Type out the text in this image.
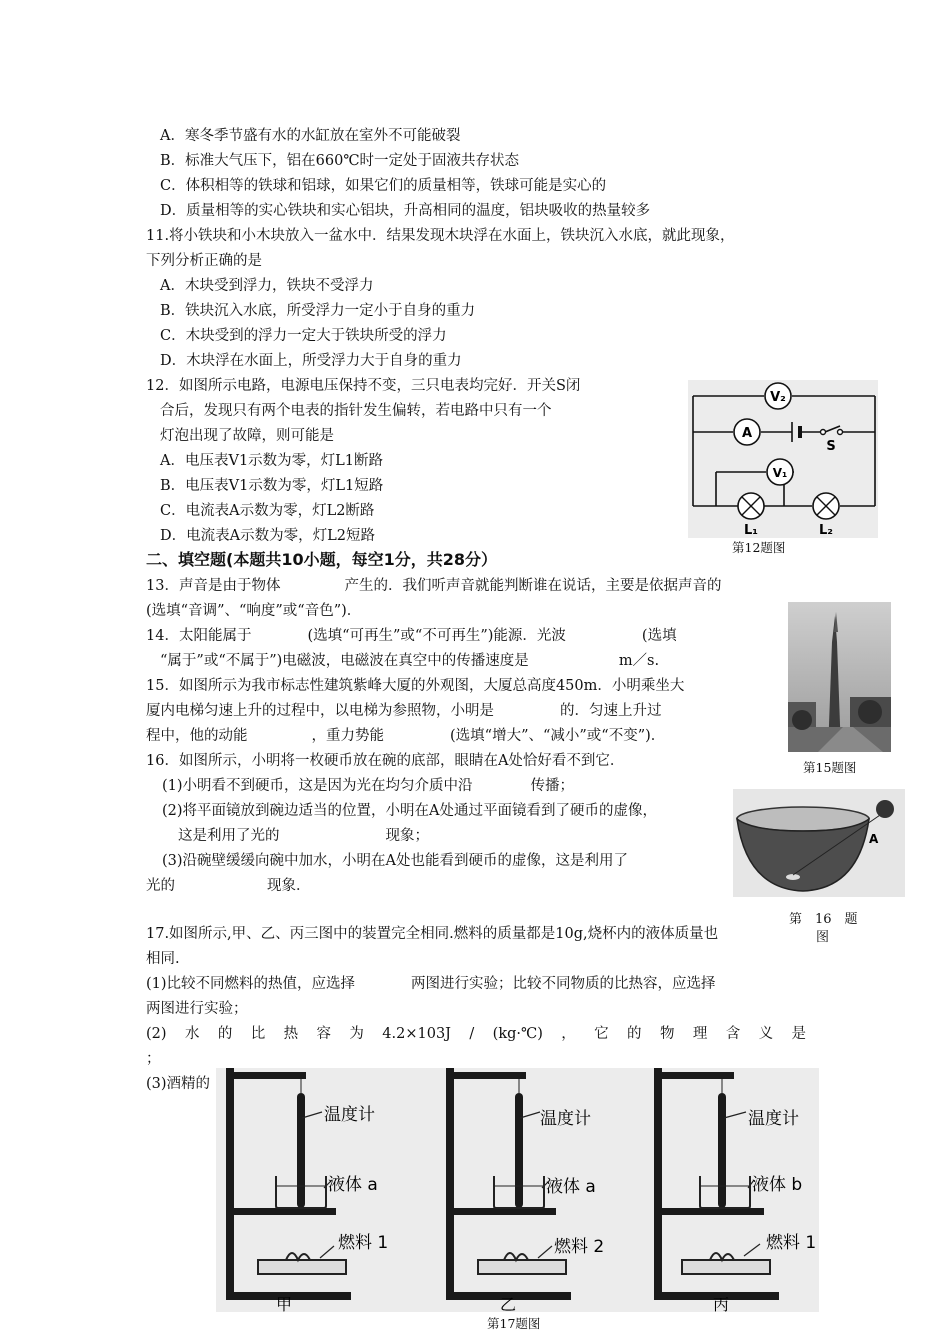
A．寒冬季节盛有水的水缸放在室外不可能破裂
B．标准大气压下，铝在660℃时一定处于固液共存状态
C．体积相等的铁球和铝球，如果它们的质量相等，铁球可能是实心的
D．质量相等的实心铁块和实心铝块，升高相同的温度，铝块吸收的热量较多
11.将小铁块和小木块放入一盆水中．结果发现木块浮在水面上，铁块沉入水底，就此现象，
下列分析正确的是
A．木块受到浮力，铁块不受浮力
B．铁块沉入水底，所受浮力一定小于自身的重力
C．木块受到的浮力一定大于铁块所受的浮力
D．木块浮在水面上，所受浮力大于自身的重力
12．如图所示电路，电源电压保持不变，三只电表均完好．开关S闭
合后，发现只有两个电表的指针发生偏转，若电路中只有一个
灯泡出现了故障，则可能是
A．电压表V1示数为零，灯L1断路
B．电压表V1示数为零，灯L1短路
C．电流表A示数为零，灯L2断路
D．电流表A示数为零，灯L2短路
V₂
A
S
V₁
L₁	L₂
第12题图
二、填空题(本题共10小题，每空1分，共28分）
13．声音是由于物体	产生的．我们听声音就能判断谁在说话，主要是依据声音的
(选填“音调”、“响度”或“音色”)．
14．太阳能属于	(选填“可再生”或“不可再生”)能源．光波	(选填
“属于”或“不属于”)电磁波，电磁波在真空中的传播速度是	m／s.
15．如图所示为我市标志性建筑紫峰大厦的外观图，大厦总高度450m．小明乘坐大
厦内电梯匀速上升的过程中，以电梯为参照物，小明是	的．匀速上升过
程中，他的动能	，重力势能	(选填“增大”、“减小”或“不变”)．
第15题图
16．如图所示，小明将一枚硬币放在碗的底部，眼睛在A处恰好看不到它．
(1)小明看不到硬币，这是因为光在均匀介质中沿	传播；
(2)将平面镜放到碗边适当的位置，小明在A处通过平面镜看到了硬币的虚像，
这是利用了光的	现象；
(3)沿碗壁缓缓向碗中加水，小明在A处也能看到硬币的虚像，这是利用了
光的	现象．
A
第　16　题
图
17.如图所示,甲、乙、丙三图中的装置完全相同.燃料的质量都是10g,烧杯内的液体质量也
相同.
(1)比较不同燃料的热值，应选择	两图进行实验；比较不同物质的比热容，应选择
两图进行实验；
(2) 水 的 比 热 容 为 4.2×103J / (kg·℃) ， 它 的 物 理 含 义 是
；
(3)酒精的
温度计
液体 a
燃料 1
温度计
液体 a
燃料 2
温度计
液体 b
燃料 1
甲	乙	丙
第17题图
